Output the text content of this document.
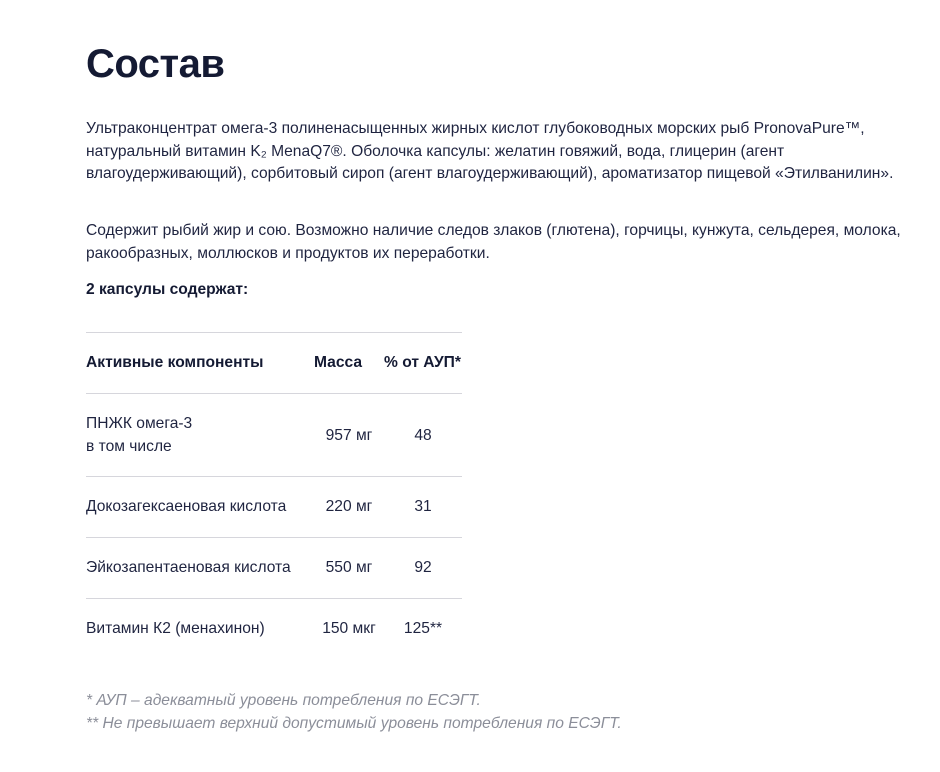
Состав

Ультраконцентрат омега-3 полиненасыщенных жирных кислот глубоководных морских рыб PronovaPure™, натуральный витамин K₂ MenaQ7®. Оболочка капсулы: желатин говяжий, вода, глицерин (агент влагоудерживающий), сорбитовый сироп (агент влагоудерживающий), ароматизатор пищевой «Этилванилин».

Содержит рыбий жир и сою. Возможно наличие следов злаков (глютена), горчицы, кунжута, сельдерея, молока, ракообразных, моллюсков и продуктов их переработки.

2 капсулы содержат:

Активные компоненты	Масса	% от АУП*
ПНЖК омега-3
в том числе	957 мг	48
Докозагексаеновая кислота	220 мг	31
Эйкозапентаеновая кислота	550 мг	92
Витамин К2 (менахинон)	150 мкг	125**

* АУП – адекватный уровень потребления по ЕСЭГТ.

** Не превышает верхний допустимый уровень потребления по ЕСЭГТ.
